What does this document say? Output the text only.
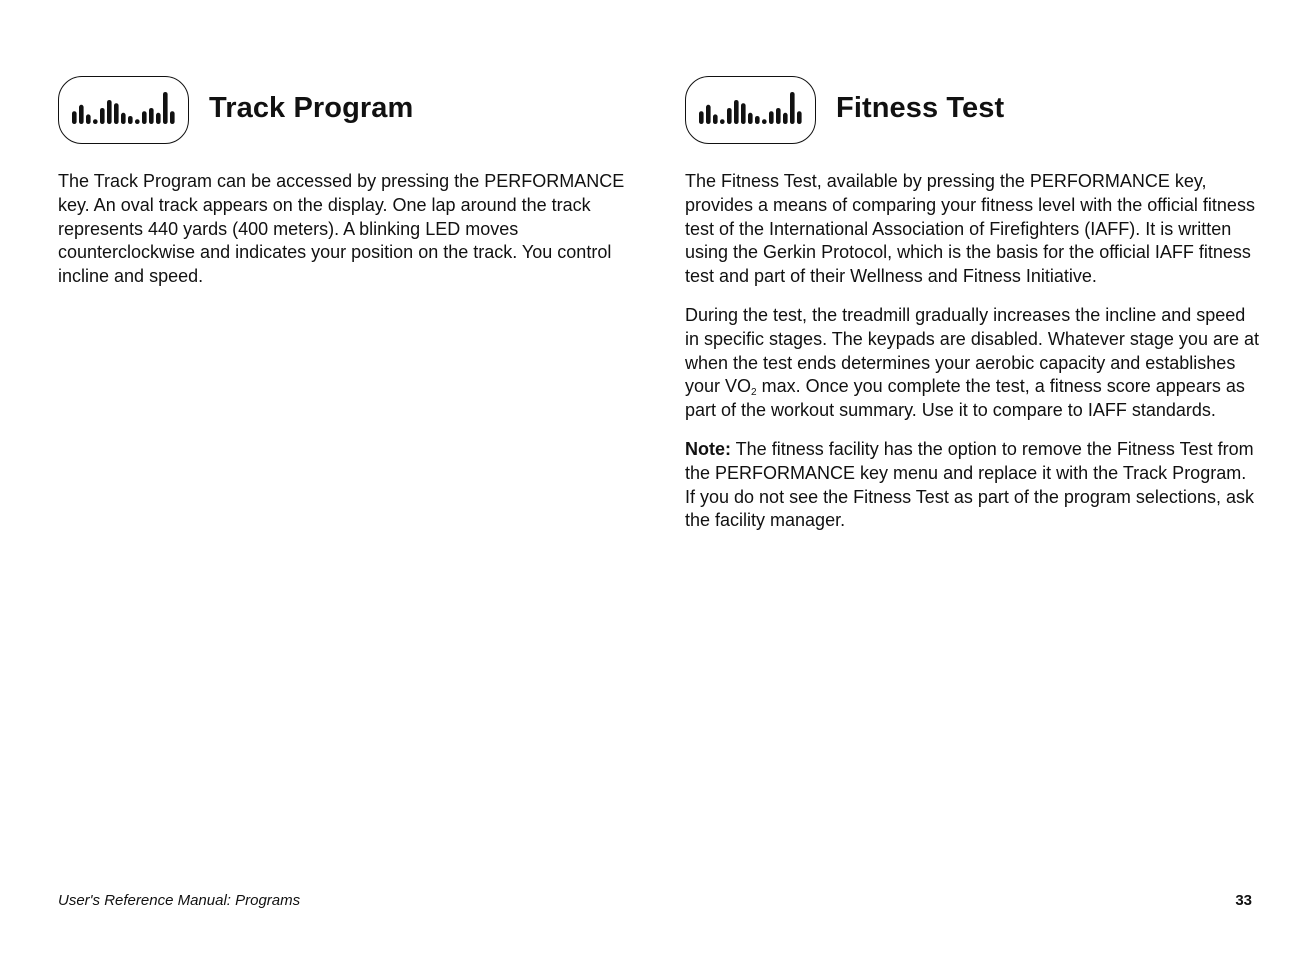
Track Program

The Track Program can be accessed by pressing the PERFORMANCE key. An oval track appears on the display. One lap around the track represents 440 yards (400 meters). A blinking LED moves counterclockwise and indicates your position on the track. You control incline and speed.

Fitness Test

The Fitness Test, available by pressing the PERFORMANCE key, provides a means of comparing your fitness level with the official fitness test of the International Association of Firefighters (IAFF). It is written using the Gerkin Protocol, which is the basis for the official IAFF fitness test and part of their Wellness and Fitness Initiative.

During the test, the treadmill gradually increases the incline and speed in specific stages. The keypads are disabled. Whatever stage you are at when the test ends determines your aerobic capacity and establishes your $VO_2$ max. Once you complete the test, a fitness score appears as part of the workout summary. Use it to compare to IAFF standards.

Note: The fitness facility has the option to remove the Fitness Test from the PERFORMANCE key menu and replace it with the Track Program. If you do not see the Fitness Test as part of the program selections, ask the facility manager.

User's Reference Manual: Programs	33
